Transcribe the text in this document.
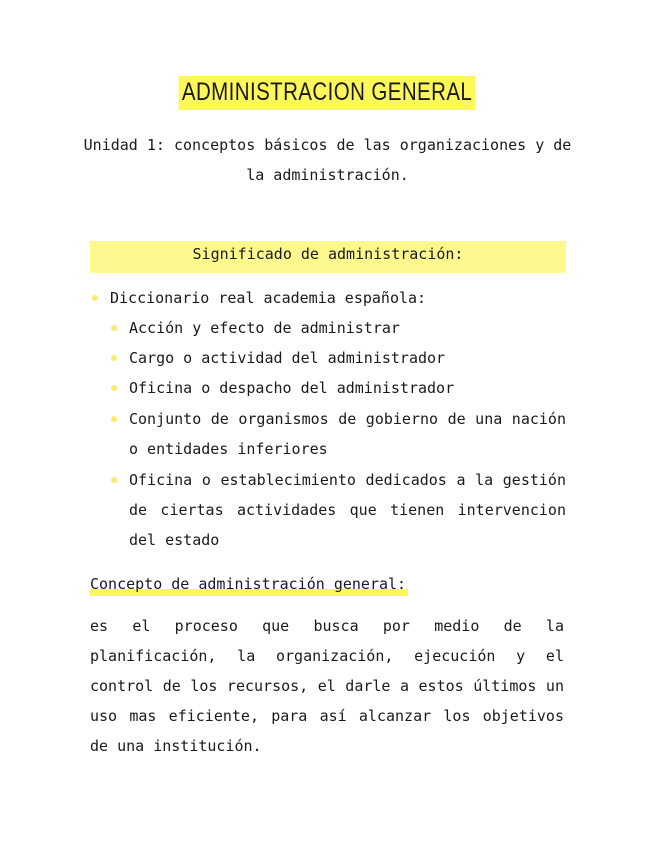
ADMINISTRACION GENERAL
Unidad 1: conceptos básicos de las organizaciones y de la administración.
Significado de administración:
Diccionario real academia española:
Acción y efecto de administrar
Cargo o actividad del administrador
Oficina o despacho del administrador
Conjunto de organismos de gobierno de una nación o entidades inferiores
Oficina o establecimiento dedicados a la gestión de ciertas actividades que tienen intervencion del estado
Concepto de administración general:

es el proceso que busca por medio de la planificación, la organización, ejecución y el control de los recursos, el darle a estos últimos un uso mas eficiente, para así alcanzar los objetivos de una institución.
